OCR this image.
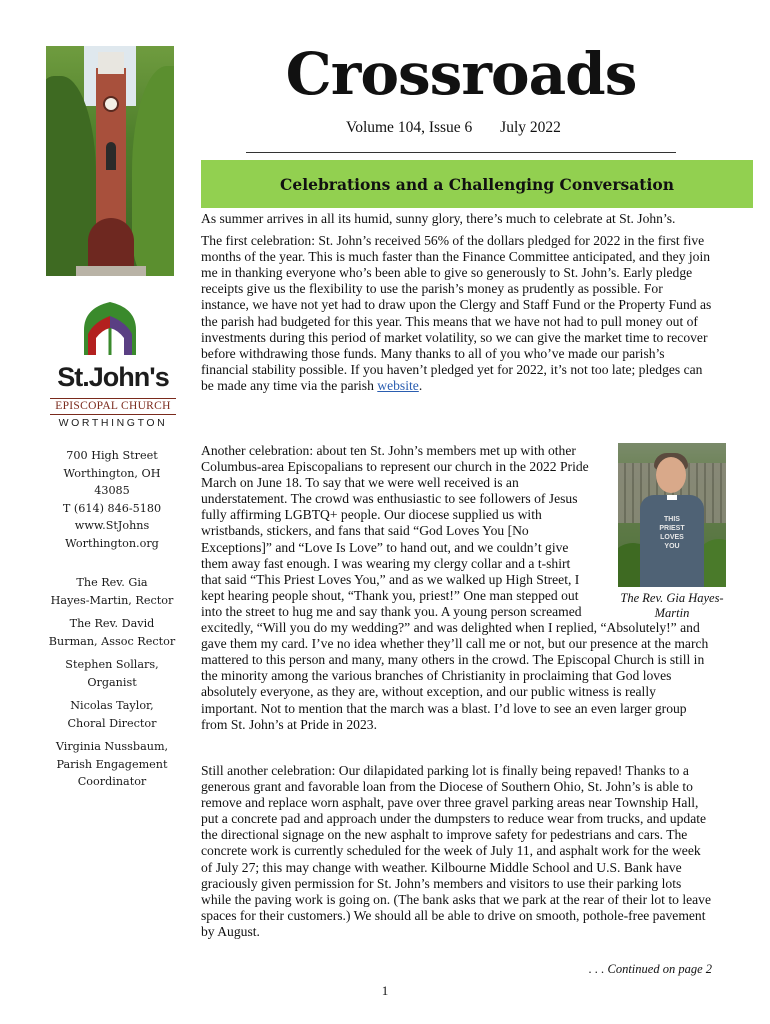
St.John's
EPISCOPAL CHURCH
WORTHINGTON
700 High Street
Worthington, OH
43085
T (614) 846-5180
www.StJohns
Worthington.org
The Rev. Gia
Hayes-Martin, Rector
The Rev. David
Burman, Assoc Rector
Stephen Sollars,
Organist
Nicolas Taylor,
Choral Director
Virginia Nussbaum,
Parish Engagement
Coordinator
Crossroads
Volume 104, Issue 6 July 2022
Celebrations and a Challenging Conversation

As summer arrives in all its humid, sunny glory, there’s much to celebrate at St. John’s.

The first celebration: St. John’s received 56% of the dollars pledged for 2022 in the first five months of the year. This is much faster than the Finance Committee anticipated, and they join me in thanking everyone who’s been able to give so generously to St. John’s. Early pledge receipts give us the flexibility to use the parish’s money as prudently as possible. For instance, we have not yet had to draw upon the Clergy and Staff Fund or the Property Fund as the parish had budgeted for this year. This means that we have not had to pull money out of investments during this period of market volatility, so we can give the market time to recover before withdrawing those funds. Many thanks to all of you who’ve made our parish’s financial stability possible. If you haven’t pledged yet for 2022, it’s not too late; pledges can be made any time via the parish website.

Another celebration: about ten St. John’s members met up with other Columbus-area Episcopalians to represent our church in the 2022 Pride March on June 18. To say that we were well received is an understatement. The crowd was enthusiastic to see followers of Jesus fully affirming LGBTQ+ people. Our diocese supplied us with wristbands, stickers, and fans that said “God Loves You [No Exceptions]” and “Love Is Love” to hand out, and we couldn’t give them away fast enough. I was wearing my clergy collar and a t-shirt that said “This Priest Loves You,” and as we walked up High Street, I kept hearing people shout, “Thank you, priest!” One man stepped out into the street to hug me and say thank you. A young person screamed excitedly, “Will you do my wedding?” and was delighted when I replied, “Absolutely!” and gave them my card. I’ve no idea whether they’ll call me or not, but our presence at the march mattered to this person and many, many others in the crowd. The Episcopal Church is still in the minority among the various branches of Christianity in proclaiming that God loves absolutely everyone, as they are, without exception, and our public witness is really important. Not to mention that the march was a blast. I’d love to see an even larger group from St. John’s at Pride in 2023.
THIS
PRIEST
LOVES
YOU
The Rev. Gia Hayes-Martin
Still another celebration: Our dilapidated parking lot is finally being repaved! Thanks to a generous grant and favorable loan from the Diocese of Southern Ohio, St. John’s is able to remove and replace worn asphalt, pave over three gravel parking areas near Township Hall, put a concrete pad and approach under the dumpsters to reduce wear from trucks, and update the directional signage on the new asphalt to improve safety for pedestrians and cars. The concrete work is currently scheduled for the week of July 11, and asphalt work for the week of July 27; this may change with weather. Kilbourne Middle School and U.S. Bank have graciously given permission for St. John’s members and visitors to use their parking lots while the paving work is going on. (The bank asks that we park at the rear of their lot to leave spaces for their customers.) We should all be able to drive on smooth, pothole-free pavement by August.
. . . Continued on page 2
1
